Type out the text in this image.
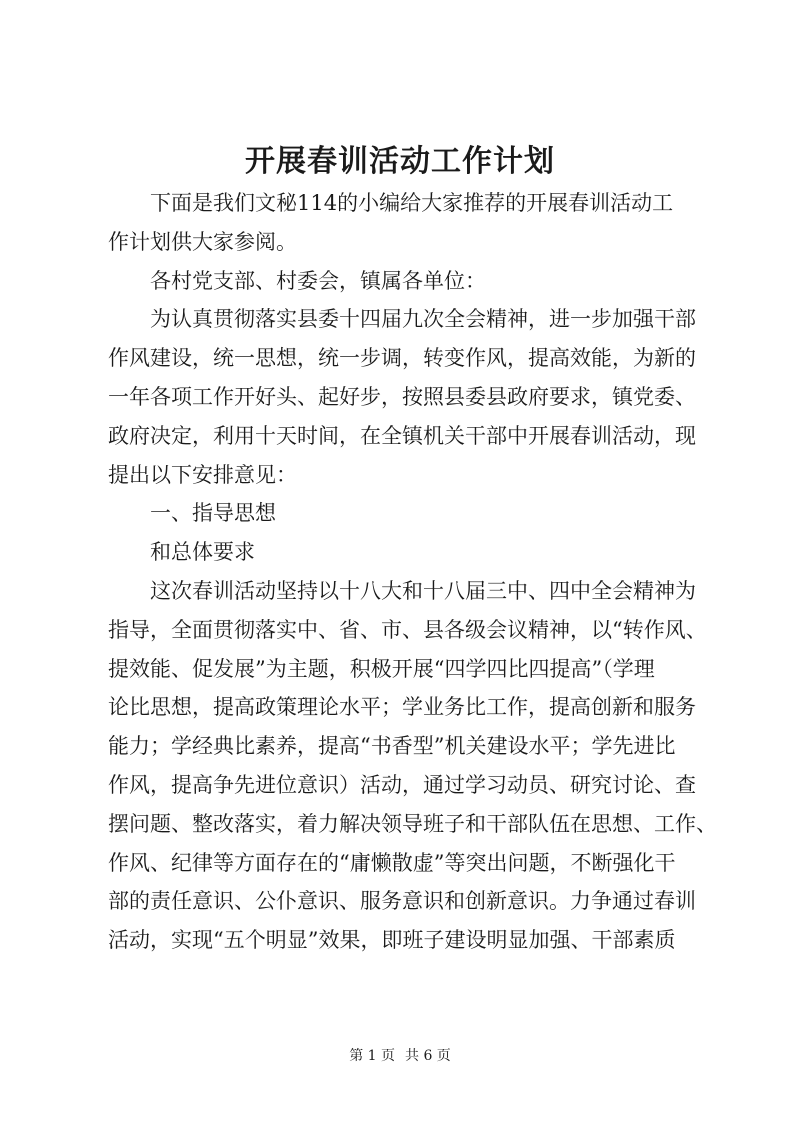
开展春训活动工作计划
下面是我们文秘114的小编给大家推荐的开展春训活动工
作计划供大家参阅。
各村党支部、村委会，镇属各单位：
为认真贯彻落实县委十四届九次全会精神，进一步加强干部
作风建设，统一思想，统一步调，转变作风，提高效能，为新的
一年各项工作开好头、起好步，按照县委县政府要求，镇党委、
政府决定，利用十天时间，在全镇机关干部中开展春训活动，现
提出以下安排意见：
一、指导思想
和总体要求
这次春训活动坚持以十八大和十八届三中、四中全会精神为
指导，全面贯彻落实中、省、市、县各级会议精神，以“转作风、
提效能、促发展”为主题，积极开展“四学四比四提高”（学理
论比思想，提高政策理论水平；学业务比工作，提高创新和服务
能力；学经典比素养，提高“书香型”机关建设水平；学先进比
作风，提高争先进位意识）活动，通过学习动员、研究讨论、查
摆问题、整改落实，着力解决领导班子和干部队伍在思想、工作、
作风、纪律等方面存在的“庸懒散虚”等突出问题，不断强化干
部的责任意识、公仆意识、服务意识和创新意识。力争通过春训
活动，实现“五个明显”效果，即班子建设明显加强、干部素质
第 1 页 共 6 页
